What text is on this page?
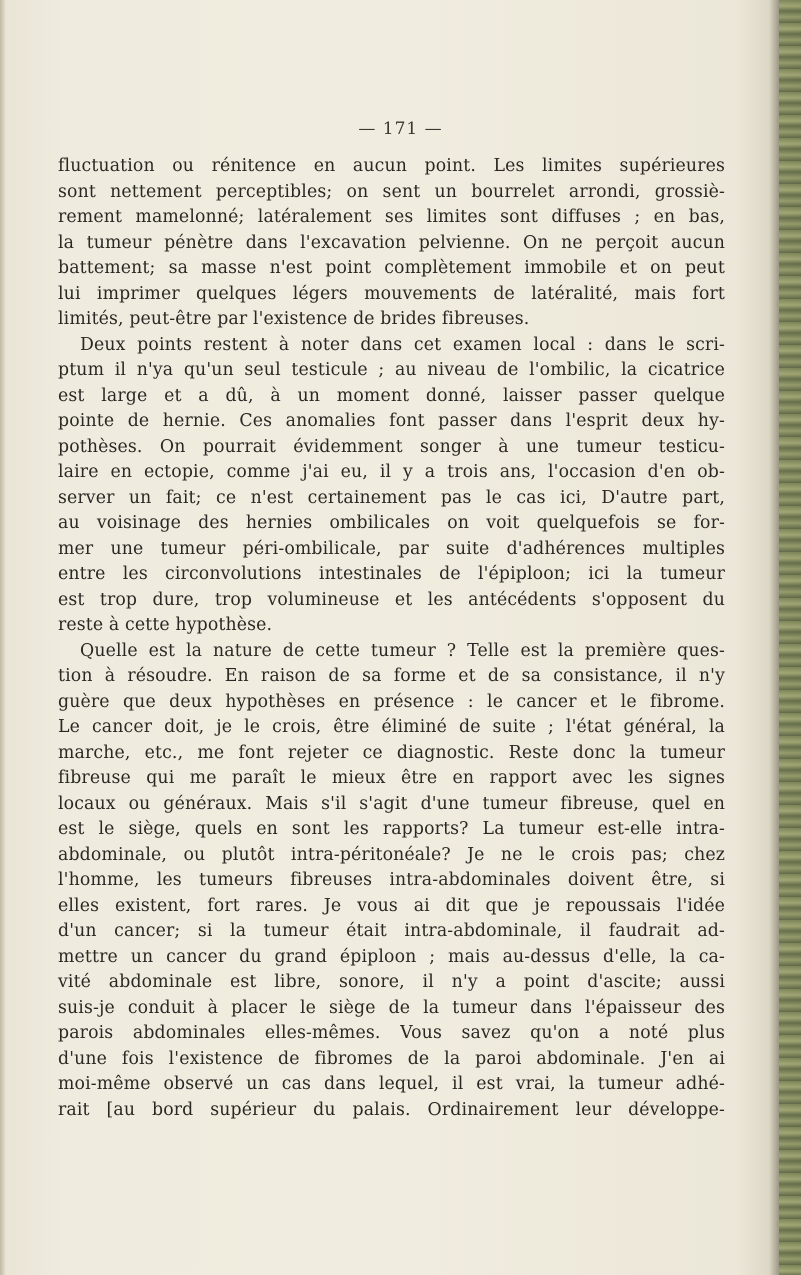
— 171 —
fluctuation ou rénitence en aucun point. Les limites supérieures
sont nettement perceptibles; on sent un bourrelet arrondi, grossiè-
rement mamelonné; latéralement ses limites sont diffuses ; en bas,
la tumeur pénètre dans l'excavation pelvienne. On ne perçoit aucun
battement; sa masse n'est point complètement immobile et on peut
lui imprimer quelques légers mouvements de latéralité, mais fort
limités, peut-être par l'existence de brides fibreuses.
Deux points restent à noter dans cet examen local : dans le scri-
ptum il n'ya qu'un seul testicule ; au niveau de l'ombilic, la cicatrice
est large et a dû, à un moment donné, laisser passer quelque
pointe de hernie. Ces anomalies font passer dans l'esprit deux hy-
pothèses. On pourrait évidemment songer à une tumeur testicu-
laire en ectopie, comme j'ai eu, il y a trois ans, l'occasion d'en ob-
server un fait; ce n'est certainement pas le cas ici, D'autre part,
au voisinage des hernies ombilicales on voit quelquefois se for-
mer une tumeur péri-ombilicale, par suite d'adhérences multiples
entre les circonvolutions intestinales de l'épiploon; ici la tumeur
est trop dure, trop volumineuse et les antécédents s'opposent du
reste à cette hypothèse.
Quelle est la nature de cette tumeur ? Telle est la première ques-
tion à résoudre. En raison de sa forme et de sa consistance, il n'y
guère que deux hypothèses en présence : le cancer et le fibrome.
Le cancer doit, je le crois, être éliminé de suite ; l'état général, la
marche, etc., me font rejeter ce diagnostic. Reste donc la tumeur
fibreuse qui me paraît le mieux être en rapport avec les signes
locaux ou généraux. Mais s'il s'agit d'une tumeur fibreuse, quel en
est le siège, quels en sont les rapports? La tumeur est-elle intra-
abdominale, ou plutôt intra-péritonéale? Je ne le crois pas; chez
l'homme, les tumeurs fibreuses intra-abdominales doivent être, si
elles existent, fort rares. Je vous ai dit que je repoussais l'idée
d'un cancer; si la tumeur était intra-abdominale, il faudrait ad-
mettre un cancer du grand épiploon ; mais au-dessus d'elle, la ca-
vité abdominale est libre, sonore, il n'y a point d'ascite; aussi
suis-je conduit à placer le siège de la tumeur dans l'épaisseur des
parois abdominales elles-mêmes. Vous savez qu'on a noté plus
d'une fois l'existence de fibromes de la paroi abdominale. J'en ai
moi-même observé un cas dans lequel, il est vrai, la tumeur adhé-
rait [au bord supérieur du palais. Ordinairement leur développe-
